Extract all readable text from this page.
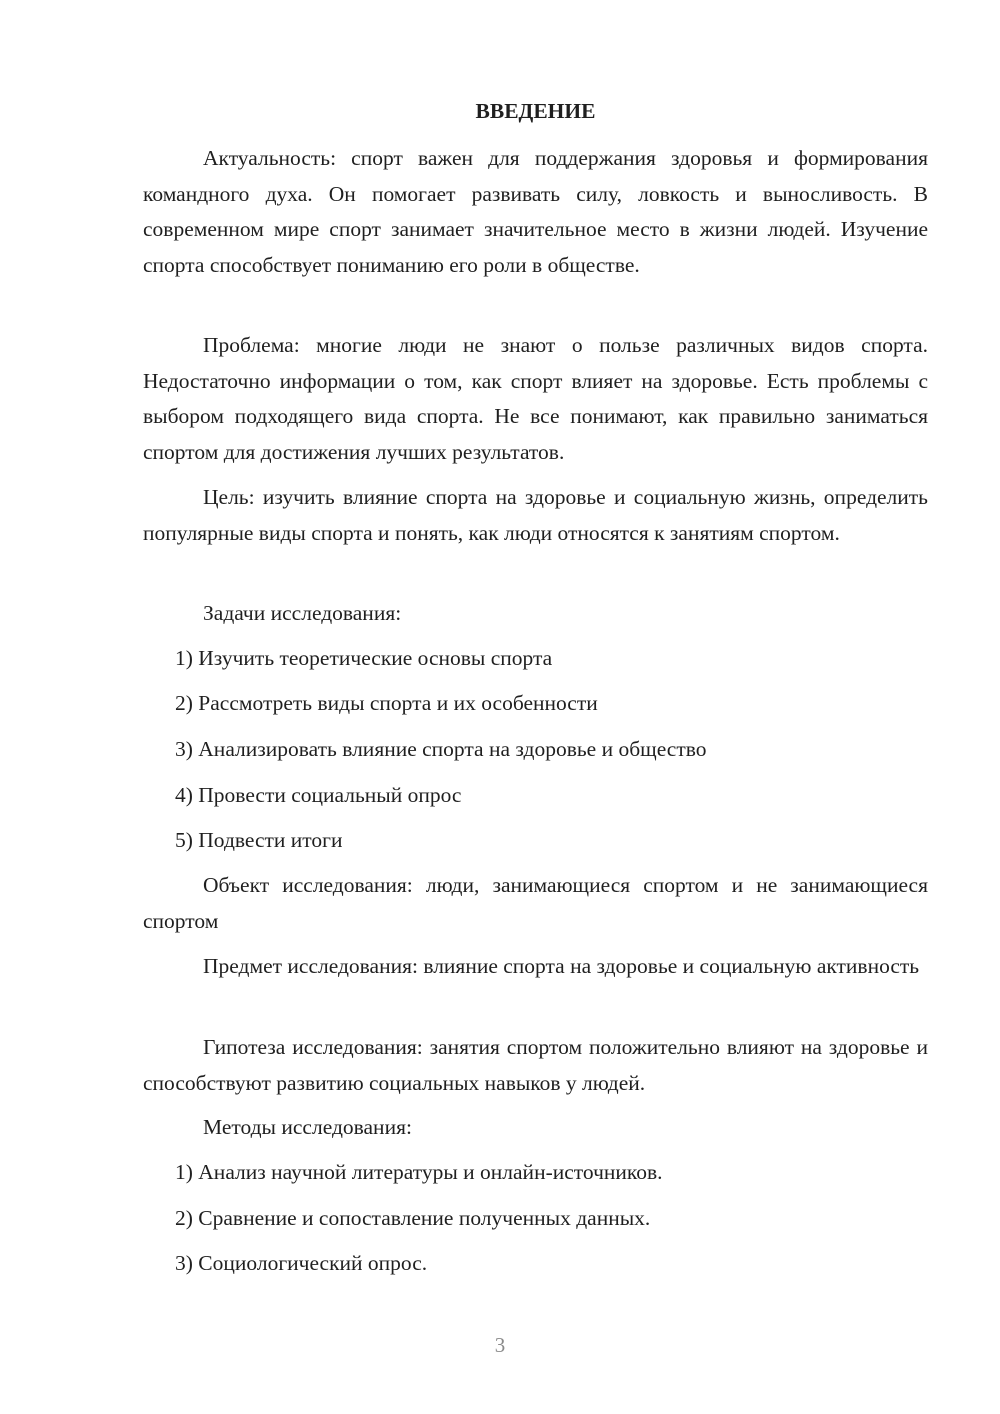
ВВЕДЕНИЕ

Актуальность: спорт важен для поддержания здоровья и формирования командного духа. Он помогает развивать силу, ловкость и выносливость. В современном мире спорт занимает значительное место в жизни людей. Изучение спорта способствует пониманию его роли в обществе.

Проблема: многие люди не знают о пользе различных видов спорта. Недостаточно информации о том, как спорт влияет на здоровье. Есть проблемы с выбором подходящего вида спорта. Не все понимают, как правильно заниматься спортом для достижения лучших результатов.

Цель: изучить влияние спорта на здоровье и социальную жизнь, определить популярные виды спорта и понять, как люди относятся к занятиям спортом.

Задачи исследования:

1) Изучить теоретические основы спорта

2) Рассмотреть виды спорта и их особенности

3) Анализировать влияние спорта на здоровье и общество

4) Провести социальный опрос

5) Подвести итоги

Объект исследования: люди, занимающиеся спортом и не занимающиеся спортом

Предмет исследования: влияние спорта на здоровье и социальную активность

Гипотеза исследования: занятия спортом положительно влияют на здоровье и способствуют развитию социальных навыков у людей.

Методы исследования:

1) Анализ научной литературы и онлайн-источников.

2) Сравнение и сопоставление полученных данных.

3) Социологический опрос.

3
